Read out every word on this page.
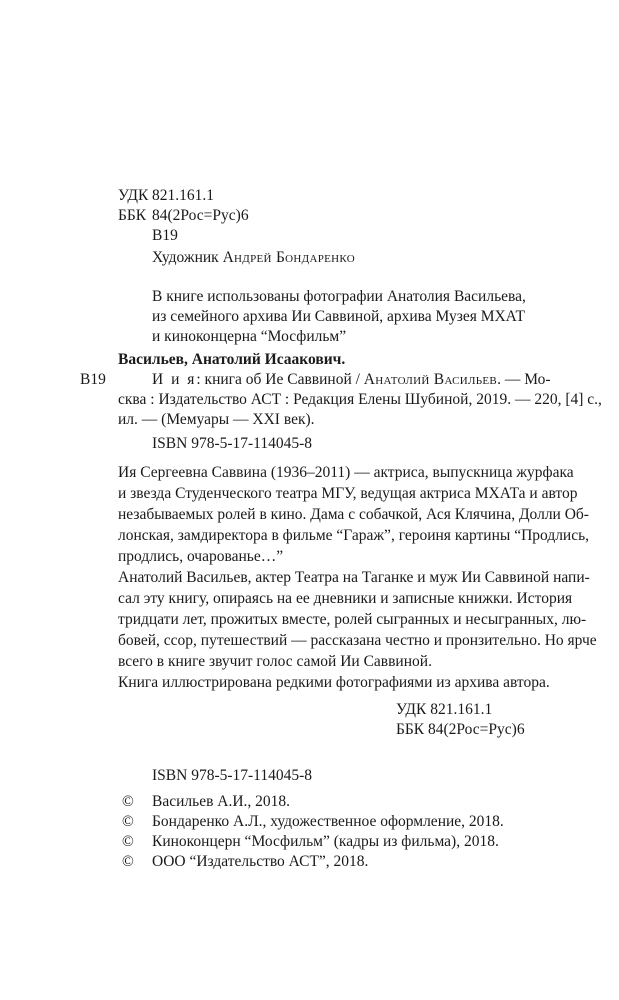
УДК 821.161.1
ББК 84(2Рос=Рус)6
В19
Художник Андрей Бондаренко
В книге использованы фотографии Анатолия Васильева,
из семейного архива Ии Саввиной, архива Музея МХАТ
и киноконцерна “Мосфильм”
Васильев, Анатолий Исаакович.
В19	И и я: книга об Ие Саввиной / Анатолий Васильев. — Мо-
сква : Издательство АСТ : Редакция Елены Шубиной, 2019. — 220, [4] с.,
ил. — (Мемуары — XXI век).
ISBN 978-5-17-114045-8
Ия Сергеевна Саввина (1936–2011) — актриса, выпускница журфака
и звезда Студенческого театра МГУ, ведущая актриса МХАТа и автор
незабываемых ролей в кино. Дама с собачкой, Ася Клячина, Долли Об-
лонская, замдиректора в фильме “Гараж”, героиня картины “Продлись,
продлись, очарованье…”
Анатолий Васильев, актер Театра на Таганке и муж Ии Саввиной напи-
сал эту книгу, опираясь на ее дневники и записные книжки. История
тридцати лет, прожитых вместе, ролей сыгранных и несыгранных, лю-
бовей, ссор, путешествий — рассказана честно и пронзительно. Но ярче
всего в книге звучит голос самой Ии Саввиной.
Книга иллюстрирована редкими фотографиями из архива автора.
УДК 821.161.1
ББК 84(2Рос=Рус)6
ISBN 978-5-17-114045-8
© Васильев А.И., 2018.
© Бондаренко А.Л., художественное оформление, 2018.
© Киноконцерн “Мосфильм” (кадры из фильма), 2018.
© ООО “Издательство АСТ”, 2018.
